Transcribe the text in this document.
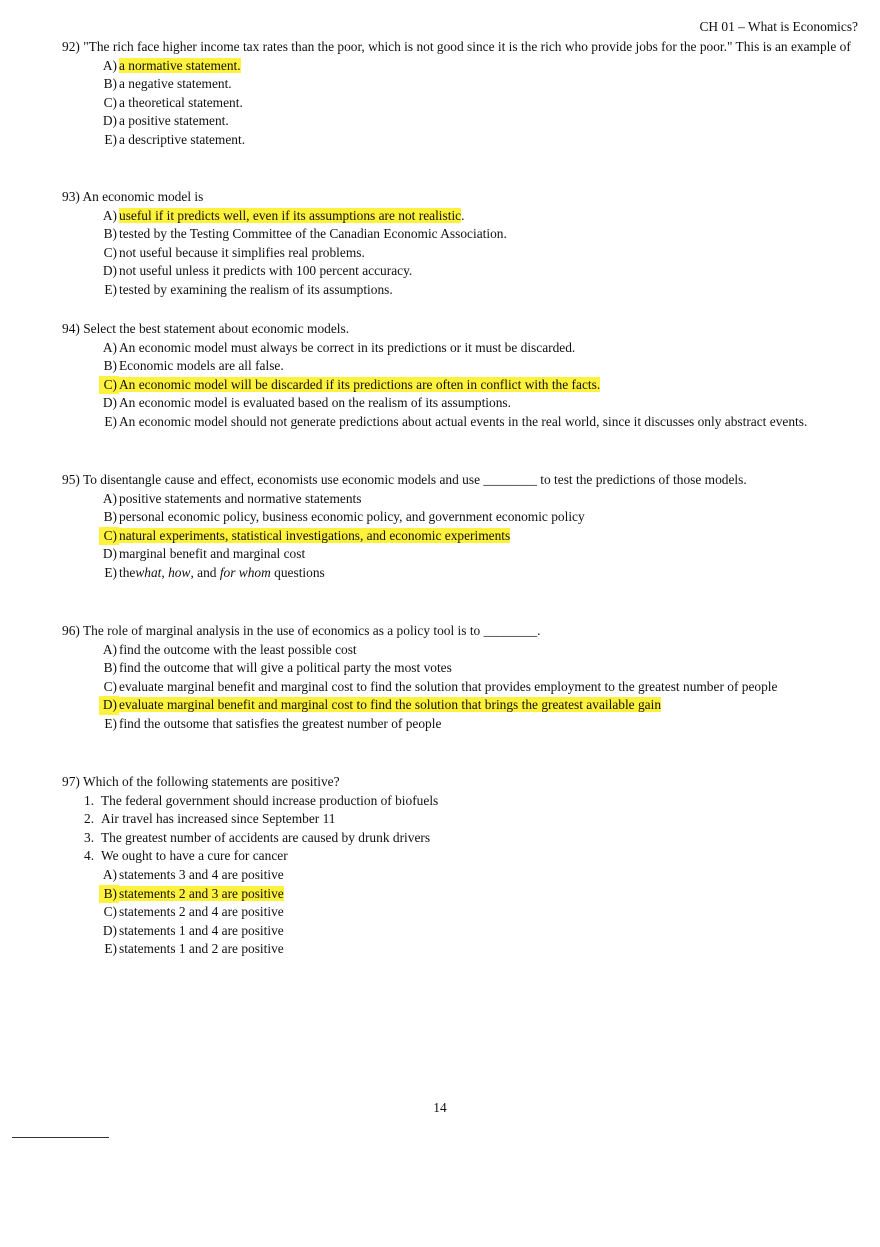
CH 01 – What is Economics?
92) "The rich face higher income tax rates than the poor, which is not good since it is the rich who provide jobs for the poor." This is an example of
A) a normative statement.
B) a negative statement.
C) a theoretical statement.
D) a positive statement.
E) a descriptive statement.
93) An economic model is
A) useful if it predicts well, even if its assumptions are not realistic.
B) tested by the Testing Committee of the Canadian Economic Association.
C) not useful because it simplifies real problems.
D) not useful unless it predicts with 100 percent accuracy.
E) tested by examining the realism of its assumptions.
94) Select the best statement about economic models.
A) An economic model must always be correct in its predictions or it must be discarded.
B) Economic models are all false.
C) An economic model will be discarded if its predictions are often in conflict with the facts.
D) An economic model is evaluated based on the realism of its assumptions.
E) An economic model should not generate predictions about actual events in the real world, since it discusses only abstract events.
95) To disentangle cause and effect, economists use economic models and use ________ to test the predictions of those models.
A) positive statements and normative statements
B) personal economic policy, business economic policy, and government economic policy
C) natural experiments, statistical investigations, and economic experiments
D) marginal benefit and marginal cost
E) thewhat, how, and for whom questions
96) The role of marginal analysis in the use of economics as a policy tool is to ________.
A) find the outcome with the least possible cost
B) find the outcome that will give a political party the most votes
C) evaluate marginal benefit and marginal cost to find the solution that provides employment to the greatest number of people
D) evaluate marginal benefit and marginal cost to find the solution that brings the greatest available gain
E) find the outsome that satisfies the greatest number of people
97) Which of the following statements are positive?
1. The federal government should increase production of biofuels
2. Air travel has increased since September 11
3. The greatest number of accidents are caused by drunk drivers
4. We ought to have a cure for cancer
A) statements 3 and 4 are positive
B) statements 2 and 3 are positive
C) statements 2 and 4 are positive
D) statements 1 and 4 are positive
E) statements 1 and 2 are positive
14
